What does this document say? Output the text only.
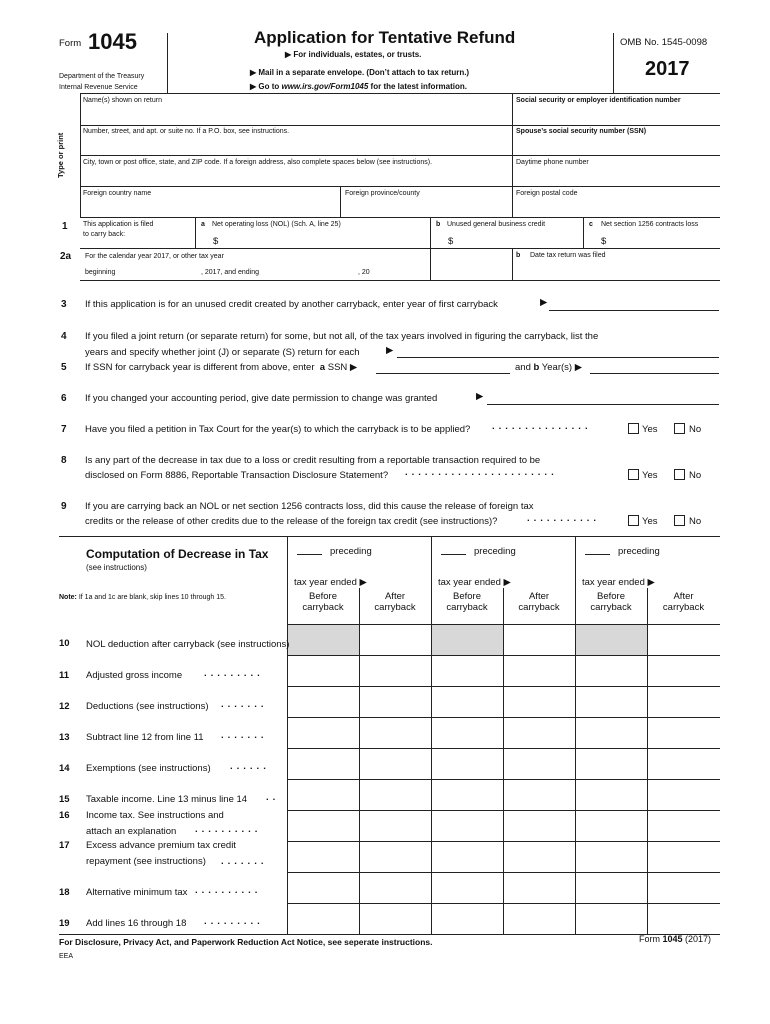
Form 1045
Department of the Treasury
Internal Revenue Service
Application for Tentative Refund
▶ For individuals, estates, or trusts.
▶ Mail in a separate envelope. (Don’t attach to tax return.)
▶ Go to www.irs.gov/Form1045 for the latest information.
OMB No. 1545-0098
2017
Type or print
Name(s) shown on return	Social security or employer identification number
Number, street, and apt. or suite no. If a P.O. box, see instructions.	Spouse’s social security number (SSN)
City, town or post office, state, and ZIP code. If a foreign address, also complete spaces below (see instructions).	Daytime phone number
Foreign country name	Foreign province/county	Foreign postal code
1 This application is filed
to carry back:
a Net operating loss (NOL) (Sch. A, line 25)
$
b Unused general business credit
$
c Net section 1256 contracts loss
$
2a For the calendar year 2017, or other tax year
beginning	, 2017, and ending	, 20
b Date tax return was filed
3 If this application is for an unused credit created by another carryback, enter year of first carryback	▶
4 If you filed a joint return (or separate return) for some, but not all, of the tax years involved in figuring the carryback, list the
years and specify whether joint (J) or separate (S) return for each	▶
5 If SSN for carryback year is different from above, enter a SSN ▶	and b Year(s) ▶
6 If you changed your accounting period, give date permission to change was granted	▶
7 Have you filed a petition in Tax Court for the year(s) to which the carryback is to be applied? ...............	Yes	No
8 Is any part of the decrease in tax due to a loss or credit resulting from a reportable transaction required to be
disclosed on Form 8886, Reportable Transaction Disclosure Statement? .......................	Yes	No
9 If you are carrying back an NOL or net section 1256 contracts loss, did this cause the release of foreign tax
credits or the release of other credits due to the release of the foreign tax credit (see instructions)?	...........	Yes	No
Computation of Decrease in Tax
(see instructions)
Note: If 1a and 1c are blank, skip lines 10 through 15.
preceding
tax year ended ▶
Before
carryback
After
carryback
preceding
tax year ended ▶
Before
carryback
After
carryback
preceding
tax year ended ▶
Before
carryback
After
carryback
10 NOL deduction after carryback (see instructions)
11 Adjusted gross income .........
12 Deductions (see instructions) .......
13 Subtract line 12 from line 11 .......
14 Exemptions (see instructions) ......
15 Taxable income. Line 13 minus line 14 ..
16 Income tax. See instructions and
attach an explanation ..........
17 Excess advance premium tax credit
repayment (see instructions) .......
18 Alternative minimum tax ..........
19 Add lines 16 through 18 .........
For Disclosure, Privacy Act, and Paperwork Reduction Act Notice, see seperate instructions.	Form 1045 (2017)
EEA
